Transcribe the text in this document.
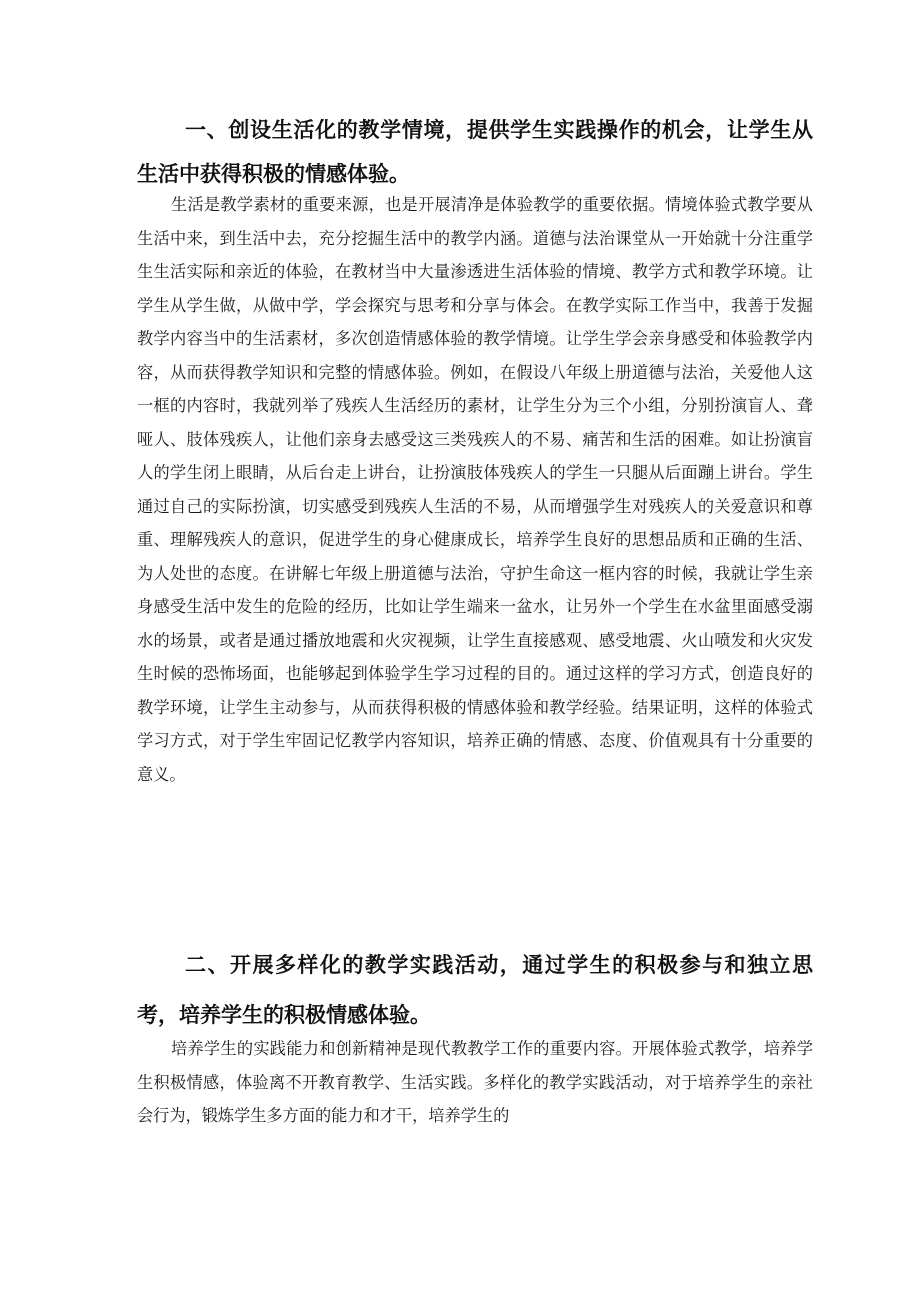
一、创设生活化的教学情境，提供学生实践操作的机会，让学生从生活中获得积极的情感体验。

生活是教学素材的重要来源，也是开展清净是体验教学的重要依据。情境体验式教学要从生活中来，到生活中去，充分挖掘生活中的教学内涵。道德与法治课堂从一开始就十分注重学生生活实际和亲近的体验，在教材当中大量渗透进生活体验的情境、教学方式和教学环境。让学生从学生做，从做中学，学会探究与思考和分享与体会。在教学实际工作当中，我善于发掘教学内容当中的生活素材，多次创造情感体验的教学情境。让学生学会亲身感受和体验教学内容，从而获得教学知识和完整的情感体验。例如，在假设八年级上册道德与法治，关爱他人这一框的内容时，我就列举了残疾人生活经历的素材，让学生分为三个小组，分别扮演盲人、聋哑人、肢体残疾人，让他们亲身去感受这三类残疾人的不易、痛苦和生活的困难。如让扮演盲人的学生闭上眼睛，从后台走上讲台，让扮演肢体残疾人的学生一只腿从后面蹦上讲台。学生通过自己的实际扮演，切实感受到残疾人生活的不易，从而增强学生对残疾人的关爱意识和尊重、理解残疾人的意识，促进学生的身心健康成长，培养学生良好的思想品质和正确的生活、为人处世的态度。在讲解七年级上册道德与法治，守护生命这一框内容的时候，我就让学生亲身感受生活中发生的危险的经历，比如让学生端来一盆水，让另外一个学生在水盆里面感受溺水的场景，或者是通过播放地震和火灾视频，让学生直接感观、感受地震、火山喷发和火灾发生时候的恐怖场面，也能够起到体验学生学习过程的目的。通过这样的学习方式，创造良好的教学环境，让学生主动参与，从而获得积极的情感体验和教学经验。结果证明，这样的体验式学习方式，对于学生牢固记忆教学内容知识，培养正确的情感、态度、价值观具有十分重要的意义。

二、开展多样化的教学实践活动，通过学生的积极参与和独立思考，培养学生的积极情感体验。

培养学生的实践能力和创新精神是现代教教学工作的重要内容。开展体验式教学，培养学生积极情感，体验离不开教育教学、生活实践。多样化的教学实践活动，对于培养学生的亲社会行为，锻炼学生多方面的能力和才干，培养学生的
